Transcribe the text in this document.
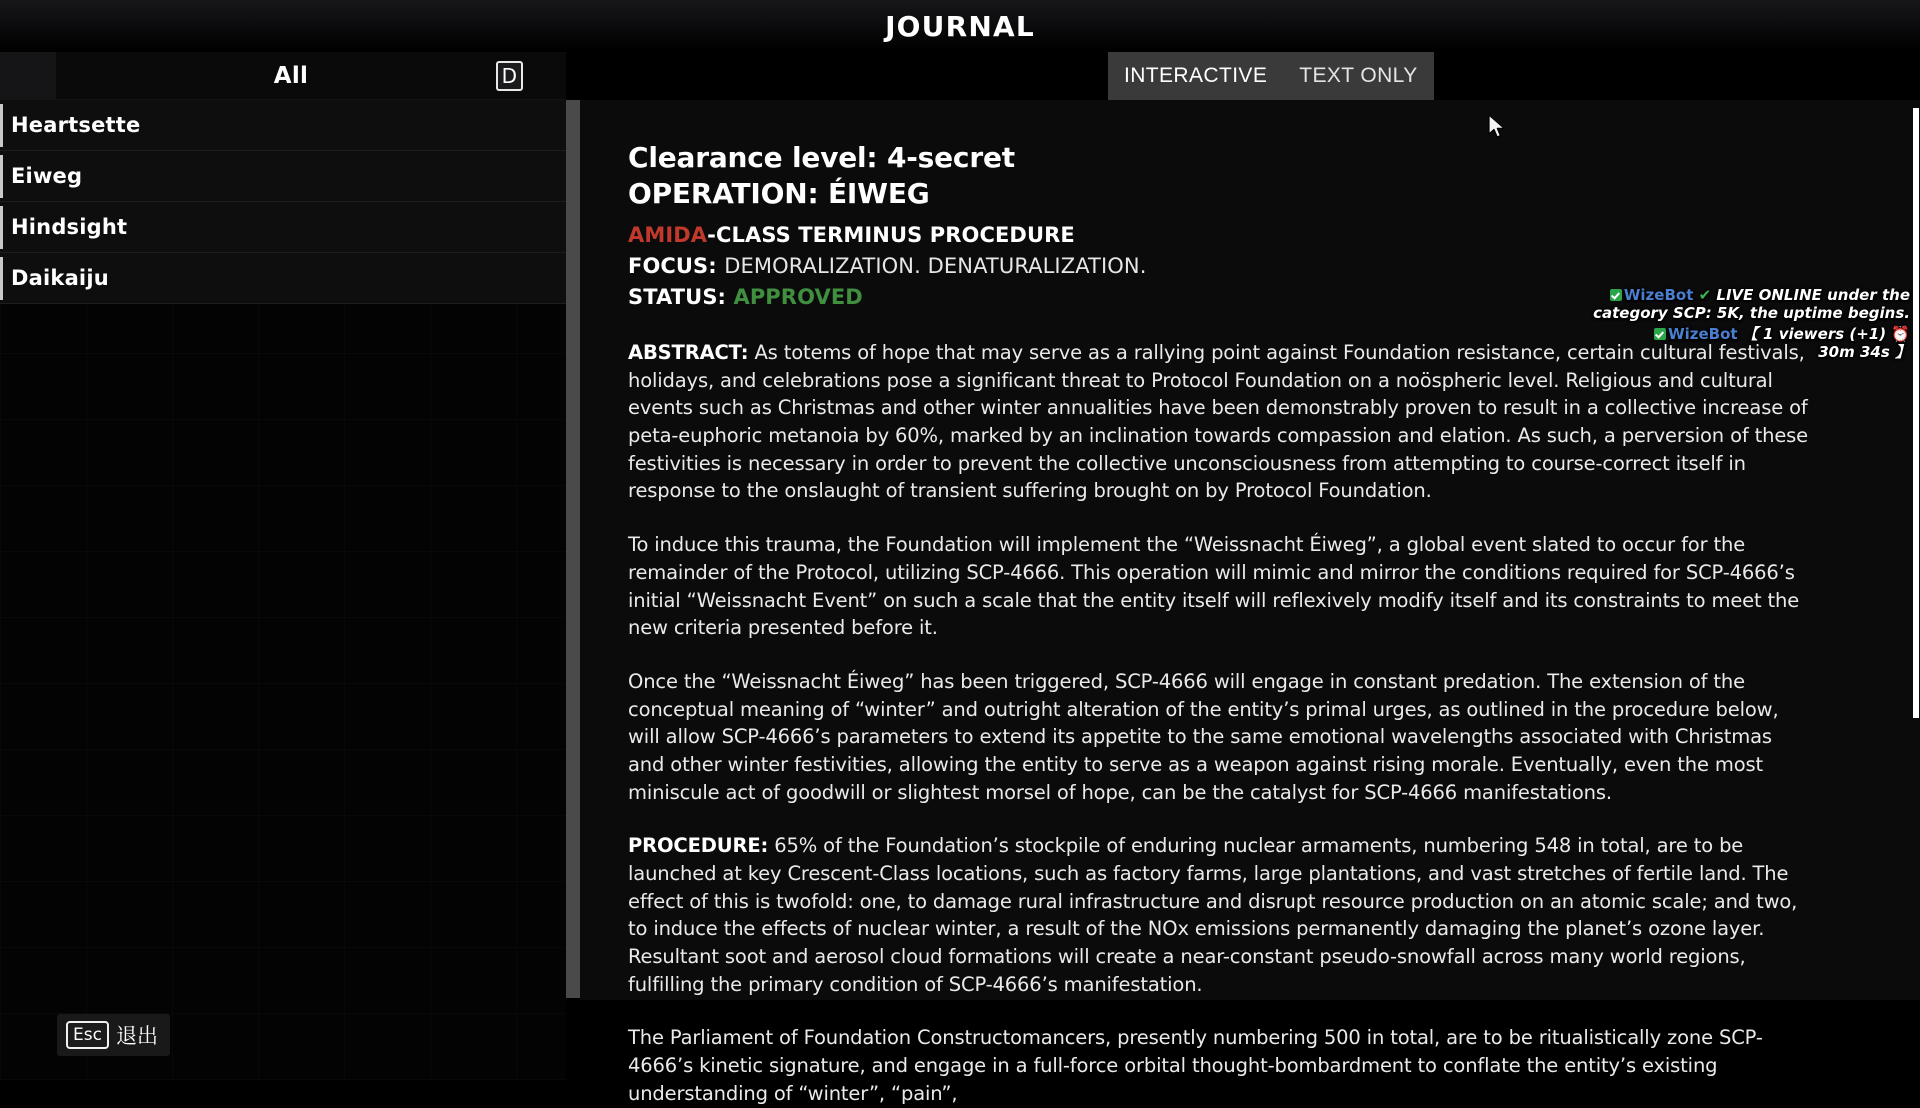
JOURNAL
All	D
Heartsette
Eiweg
Hindsight
Daikaiju
INTERACTIVE	TEXT ONLY
Clearance level: 4-secret
OPERATION: ÉIWEG
AMIDA-CLASS TERMINUS PROCEDURE
FOCUS: DEMORALIZATION. DENATURALIZATION.
STATUS: APPROVED

ABSTRACT: As totems of hope that may serve as a rallying point against Foundation resistance, certain cultural festivals, holidays, and celebrations pose a significant threat to Protocol Foundation on a noöspheric level. Religious and cultural events such as Christmas and other winter annualities have been demonstrably proven to result in a collective increase of peta-euphoric metanoia by 60%, marked by an inclination towards compassion and elation. As such, a perversion of these festivities is necessary in order to prevent the collective unconsciousness from attempting to course-correct itself in response to the onslaught of transient suffering brought on by Protocol Foundation.

To induce this trauma, the Foundation will implement the “Weissnacht Éiweg”, a global event slated to occur for the remainder of the Protocol, utilizing SCP-4666. This operation will mimic and mirror the conditions required for SCP-4666’s initial “Weissnacht Event” on such a scale that the entity itself will reflexively modify itself and its constraints to meet the new criteria presented before it.

Once the “Weissnacht Éiweg” has been triggered, SCP-4666 will engage in constant predation. The extension of the conceptual meaning of “winter” and outright alteration of the entity’s primal urges, as outlined in the procedure below, will allow SCP-4666’s parameters to extend its appetite to the same emotional wavelengths associated with Christmas and other winter festivities, allowing the entity to serve as a weapon against rising morale. Eventually, even the most miniscule act of goodwill or slightest morsel of hope, can be the catalyst for SCP-4666 manifestations.

PROCEDURE: 65% of the Foundation’s stockpile of enduring nuclear armaments, numbering 548 in total, are to be launched at key Crescent-Class locations, such as factory farms, large plantations, and vast stretches of fertile land. The effect of this is twofold: one, to damage rural infrastructure and disrupt resource production on an atomic scale; and two, to induce the effects of nuclear winter, a result of the NOx emissions permanently damaging the planet’s ozone layer. Resultant soot and aerosol cloud formations will create a near-constant pseudo-snowfall across many world regions, fulfilling the primary condition of SCP-4666’s manifestation.

The Parliament of Foundation Constructomancers, presently numbering 500 in total, are to be ritualistically zone SCP-4666’s kinetic signature, and engage in a full-force orbital thought-bombardment to conflate the entity’s existing understanding of “winter”, “pain”,

WizeBot ✔ LIVE ONLINE under the category SCP: 5K, the uptime begins.
WizeBot 【 1 viewers (+1) ⏰ 30m 34s 】
Esc 退出
